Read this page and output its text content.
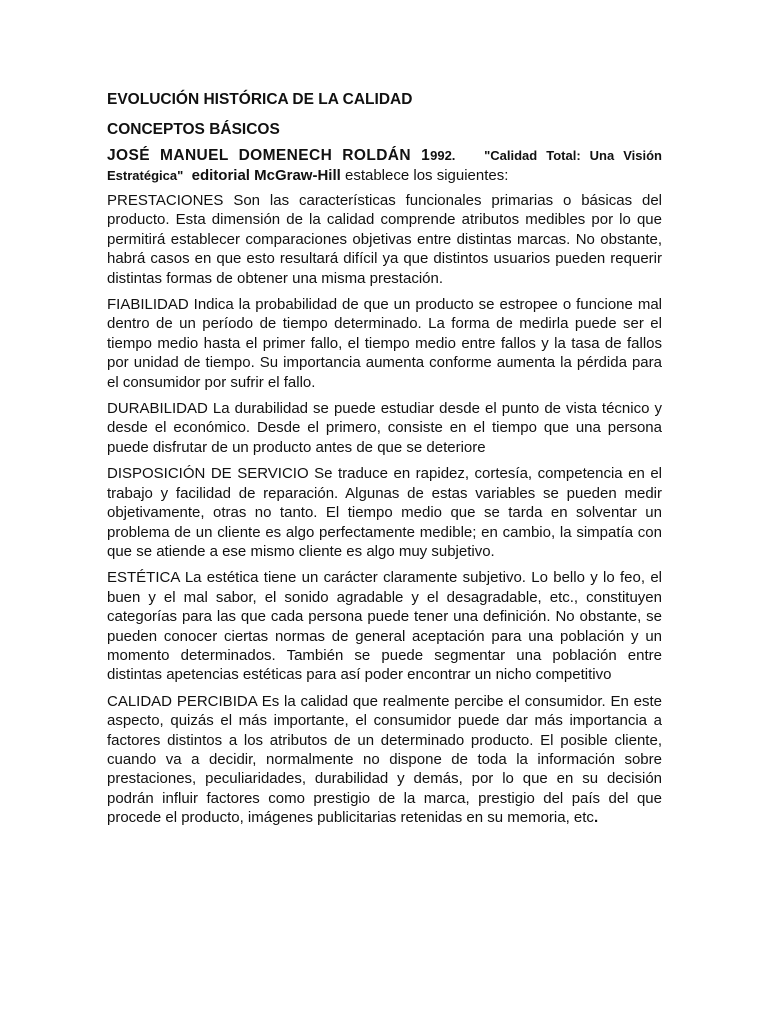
EVOLUCIÓN HISTÓRICA DE LA CALIDAD

CONCEPTOS BÁSICOS

JOSÉ MANUEL DOMENECH ROLDÁN 1992. "Calidad Total: Una Visión Estratégica" editorial McGraw-Hill establece los siguientes:

PRESTACIONES Son las características funcionales primarias o básicas del producto. Esta dimensión de la calidad comprende atributos medibles por lo que permitirá establecer comparaciones objetivas entre distintas marcas. No obstante, habrá casos en que esto resultará difícil ya que distintos usuarios pueden requerir distintas formas de obtener una misma prestación.

FIABILIDAD Indica la probabilidad de que un producto se estropee o funcione mal dentro de un período de tiempo determinado. La forma de medirla puede ser el tiempo medio hasta el primer fallo, el tiempo medio entre fallos y la tasa de fallos por unidad de tiempo. Su importancia aumenta conforme aumenta la pérdida para el consumidor por sufrir el fallo.

DURABILIDAD La durabilidad se puede estudiar desde el punto de vista técnico y desde el económico. Desde el primero, consiste en el tiempo que una persona puede disfrutar de un producto antes de que se deteriore

DISPOSICIÓN DE SERVICIO Se traduce en rapidez, cortesía, competencia en el trabajo y facilidad de reparación. Algunas de estas variables se pueden medir objetivamente, otras no tanto. El tiempo medio que se tarda en solventar un problema de un cliente es algo perfectamente medible; en cambio, la simpatía con que se atiende a ese mismo cliente es algo muy subjetivo.

ESTÉTICA La estética tiene un carácter claramente subjetivo. Lo bello y lo feo, el buen y el mal sabor, el sonido agradable y el desagradable, etc., constituyen categorías para las que cada persona puede tener una definición. No obstante, se pueden conocer ciertas normas de general aceptación para una población y un momento determinados. También se puede segmentar una población entre distintas apetencias estéticas para así poder encontrar un nicho competitivo

CALIDAD PERCIBIDA Es la calidad que realmente percibe el consumidor. En este aspecto, quizás el más importante, el consumidor puede dar más importancia a factores distintos a los atributos de un determinado producto. El posible cliente, cuando va a decidir, normalmente no dispone de toda la información sobre prestaciones, peculiaridades, durabilidad y demás, por lo que en su decisión podrán influir factores como prestigio de la marca, prestigio del país del que procede el producto, imágenes publicitarias retenidas en su memoria, etc.
